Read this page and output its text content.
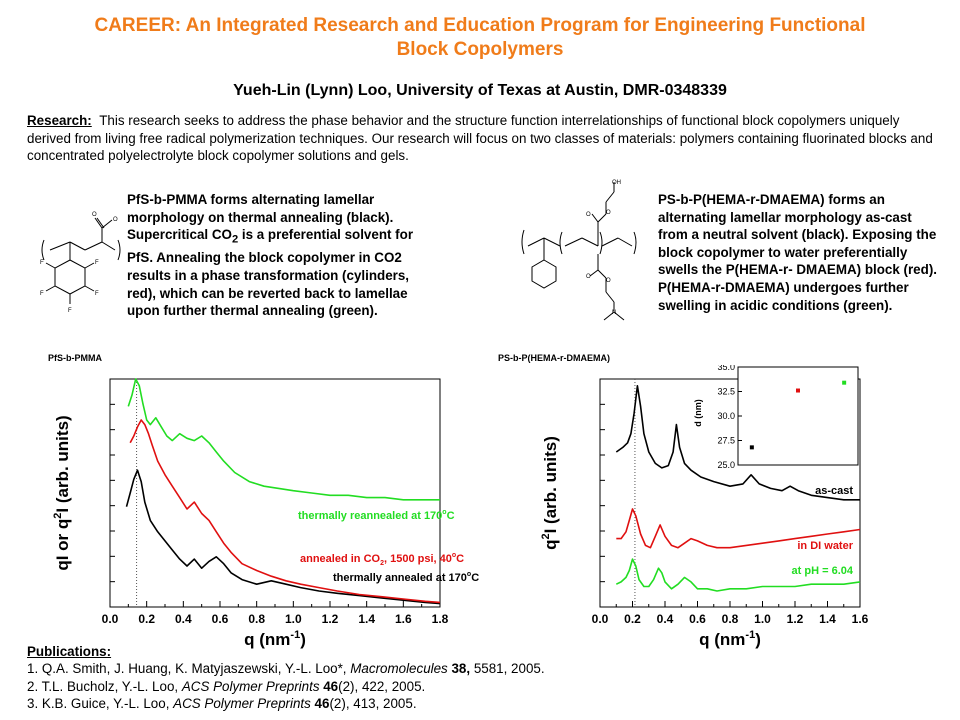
CAREER: An Integrated Research and Education Program for Engineering Functional
Block Copolymers
Yueh-Lin (Lynn) Loo, University of Texas at Austin, DMR-0348339
Research: This research seeks to address the phase behavior and the structure function interrelationships of functional block copolymers uniquely derived from living free radical polymerization techniques. Our research will focus on two classes of materials: polymers containing fluorinated blocks and concentrated polyelectrolyte block copolymer solutions and gels.
O
O
F	F
F	F
F
PfS-b-PMMA
PfS-b-PMMA forms alternating lamellar morphology on thermal annealing (black). Supercritical $CO_2$ is a preferential solvent for PfS. Annealing the block copolymer in CO2 results in a phase transformation (cylinders, red), which can be reverted back to lamellae upon further thermal annealing (green).
OH
O	O
O
O
N
PS-b-P(HEMA-r-DMAEMA)
PS-b-P(HEMA-r-DMAEMA) forms an alternating lamellar morphology as-cast from a neutral solvent (black). Exposing the block copolymer to water preferentially swells the P(HEMA-r- DMAEMA) block (red). P(HEMA-r-DMAEMA) undergoes further swelling in acidic conditions (green).
0.0 0.2 0.4 0.6 0.8 1.0 1.2 1.4 1.6 1.8
qI or $q^2I$ (arb. units)
q $(nm^{-1})$
thermally reannealed at 170$^o$C
annealed in $CO_2$, 1500 psi, 40$^o$C
thermally annealed at 170$^o$C
0.0 0.2 0.4 0.6 0.8 1.0 1.2 1.4 1.6
$q^2I$ (arb. units)
q $(nm^{-1})$
as-cast
in DI water
at pH = 6.04
25.0
27.5
30.0
32.5
35.0
d (nm)
Publications:
1. Q.A. Smith, J. Huang, K. Matyjaszewski, Y.-L. Loo*, Macromolecules 38, 5581, 2005.
2. T.L. Bucholz, Y.-L. Loo, ACS Polymer Preprints 46(2), 422, 2005.
3. K.B. Guice, Y.-L. Loo, ACS Polymer Preprints 46(2), 413, 2005.
